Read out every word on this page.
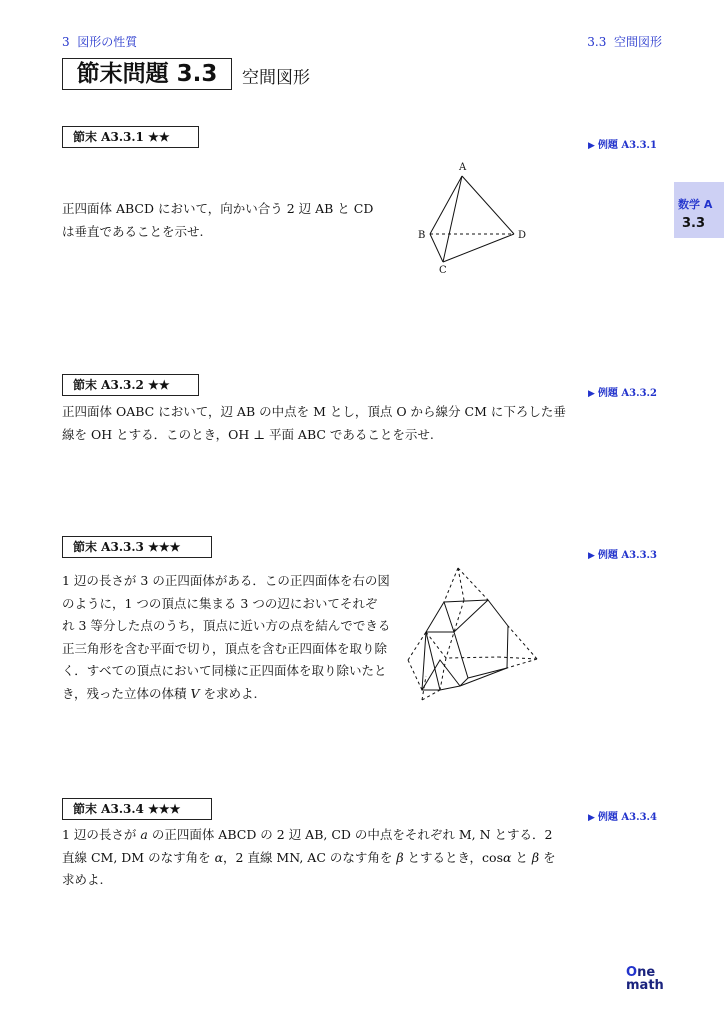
3 図形の性質	3.3 空間図形
節末問題 3.3	空間図形
数学 A
3.3
節末 A3.3.1 ★★
▶ 例題 A3.3.1
正四面体 ABCD において，向かい合う 2 辺 AB と CD
は垂直であることを示せ.
A
B
C
D
節末 A3.3.2 ★★
▶ 例題 A3.3.2
正四面体 OABC において，辺 AB の中点を M とし，頂点 O から線分 CM に下ろした垂
線を OH とする．このとき，OH ⊥ 平面 ABC であることを示せ.
節末 A3.3.3 ★★★
▶ 例題 A3.3.3
1 辺の長さが 3 の正四面体がある．この正四面体を右の図
のように，1 つの頂点に集まる 3 つの辺においてそれぞ
れ 3 等分した点のうち，頂点に近い方の点を結んでできる
正三角形を含む平面で切り，頂点を含む正四面体を取り除
く．すべての頂点において同様に正四面体を取り除いたと
き，残った立体の体積 V を求めよ.
節末 A3.3.4 ★★★
▶ 例題 A3.3.4
1 辺の長さが a の正四面体 ABCD の 2 辺 AB, CD の中点をそれぞれ M, N とする．2
直線 CM, DM のなす角を α，2 直線 MN, AC のなす角を β とするとき，cosα と β を
求めよ.
One
math
